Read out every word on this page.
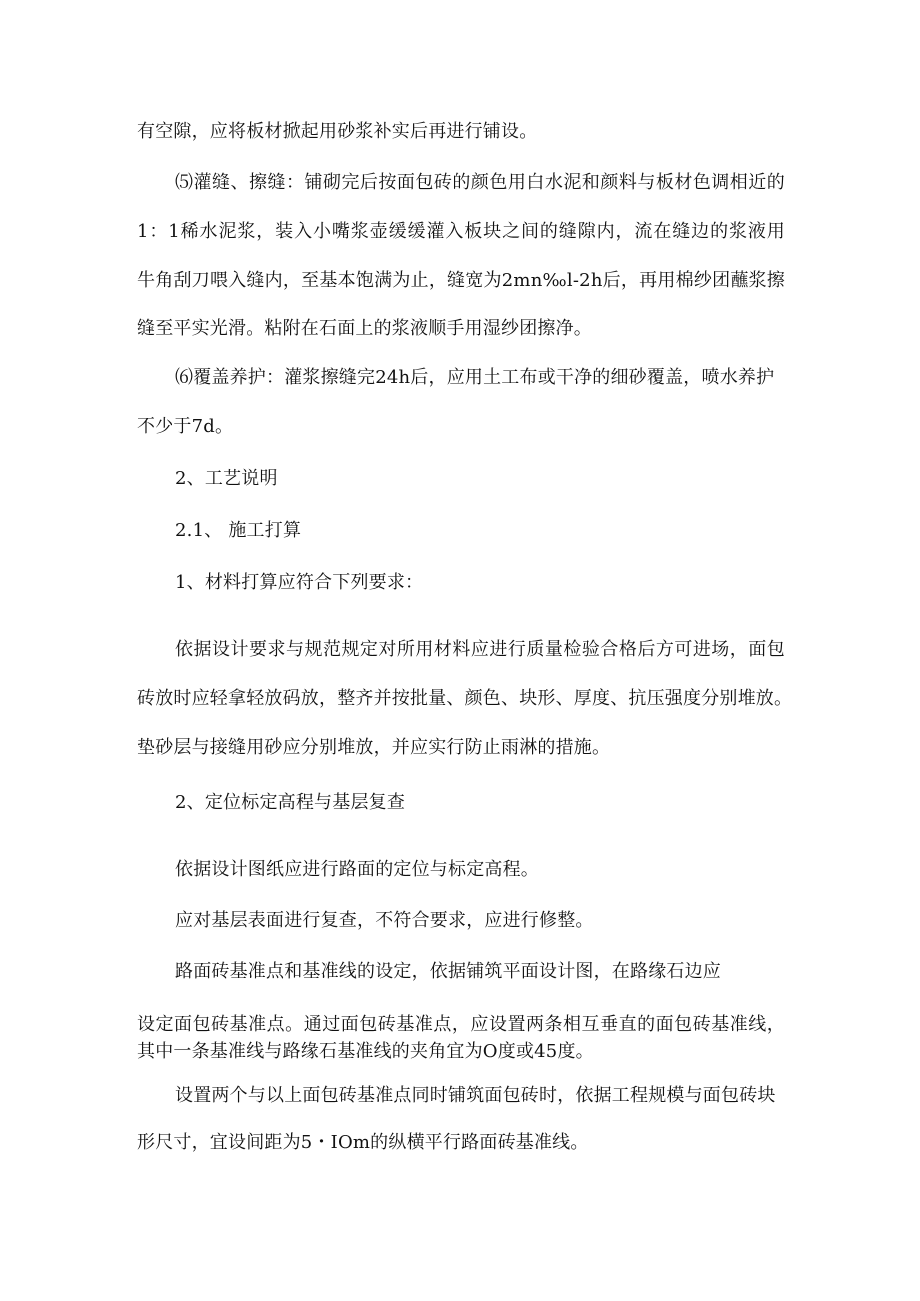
有空隙，应将板材掀起用砂浆补实后再进行铺设。
⑸灌缝、擦缝：铺砌完后按面包砖的颜色用白水泥和颜料与板材色调相近的
1：1稀水泥浆，装入小嘴浆壶缓缓灌入板块之间的缝隙内，流在缝边的浆液用
牛角刮刀喂入缝内，至基本饱满为止，缝宽为2mn‰l-2h后，再用棉纱团蘸浆擦
缝至平实光滑。粘附在石面上的浆液顺手用湿纱团擦净。
⑹覆盖养护：灌浆擦缝完24h后，应用土工布或干净的细砂覆盖，喷水养护
不少于7d。
2、工艺说明
2.1、 施工打算
1、材料打算应符合下列要求：
依据设计要求与规范规定对所用材料应进行质量检验合格后方可进场，面包
砖放时应轻拿轻放码放，整齐并按批量、颜色、块形、厚度、抗压强度分别堆放。
垫砂层与接缝用砂应分别堆放，并应实行防止雨淋的措施。
2、定位标定高程与基层复查
依据设计图纸应进行路面的定位与标定高程。
应对基层表面进行复查，不符合要求，应进行修整。
路面砖基准点和基准线的设定，依据铺筑平面设计图，在路缘石边应
设定面包砖基准点。通过面包砖基准点，应设置两条相互垂直的面包砖基准线，
其中一条基准线与路缘石基准线的夹角宜为O度或45度。
设置两个与以上面包砖基准点同时铺筑面包砖时，依据工程规模与面包砖块
形尺寸，宜设间距为5・IOm的纵横平行路面砖基准线。
